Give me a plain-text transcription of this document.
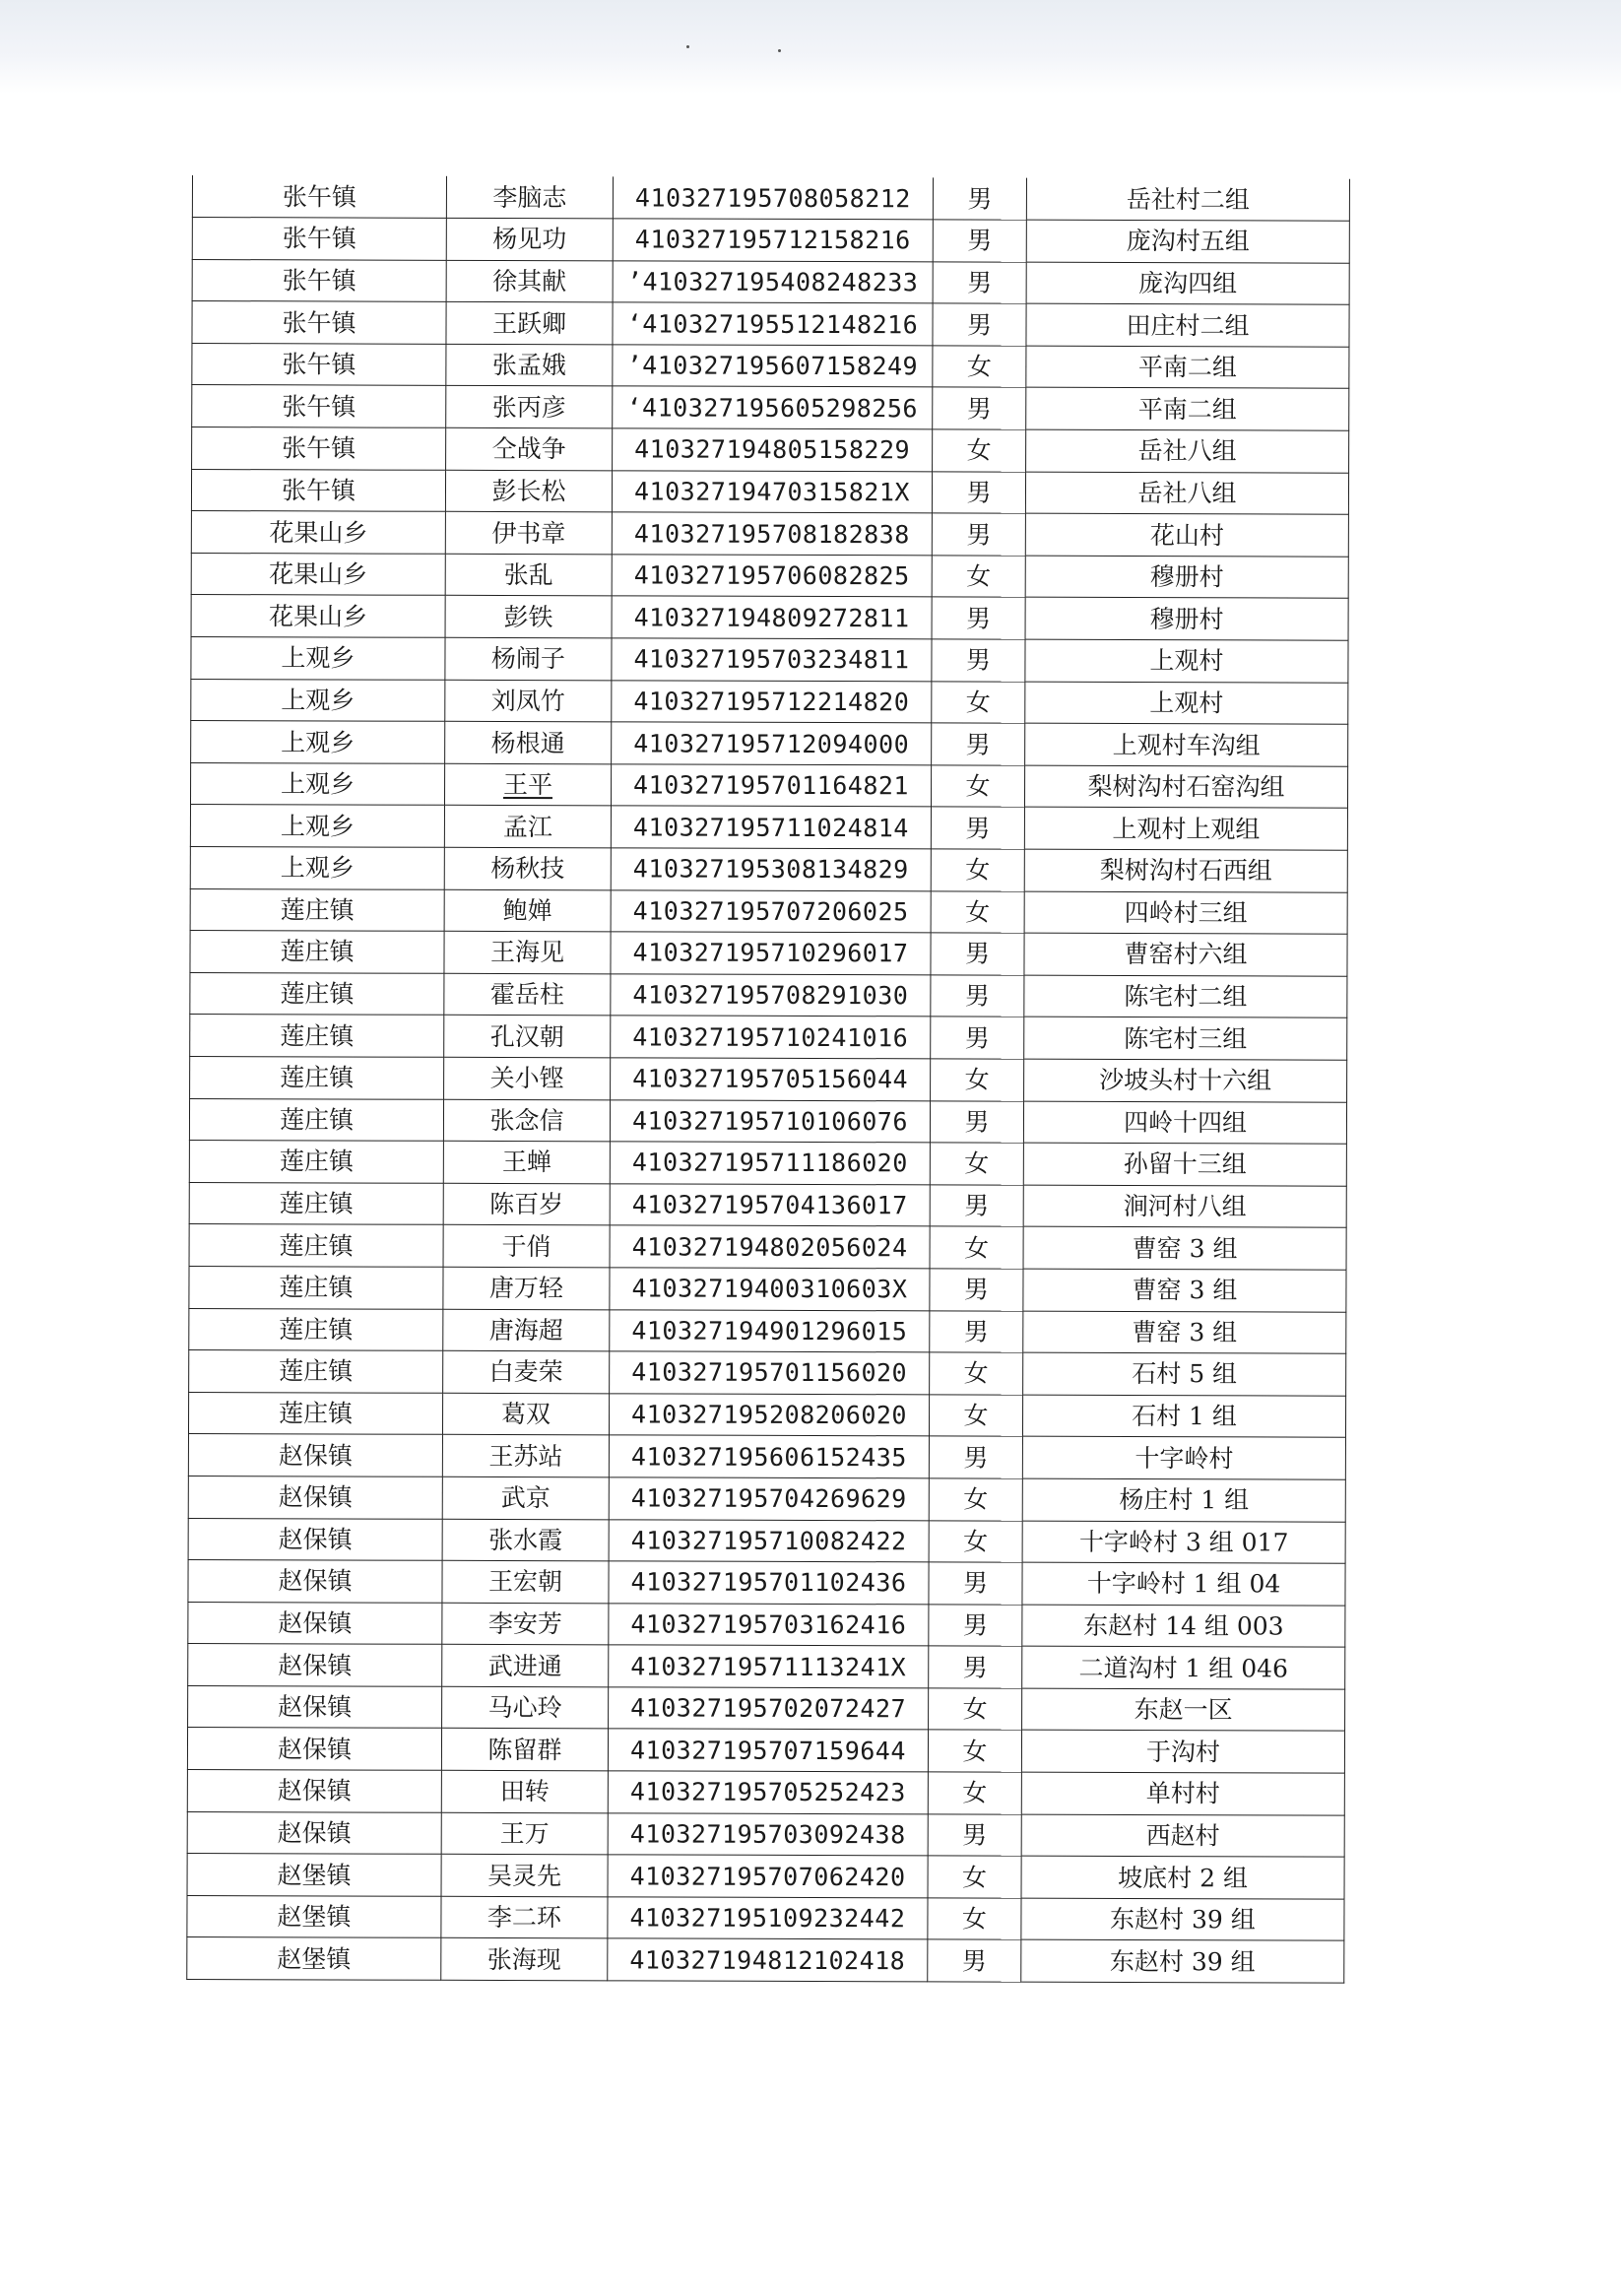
张午镇	李脑志	410327195708058212	男	岳社村二组
张午镇	杨见功	410327195712158216	男	庞沟村五组
张午镇	徐其献	’410327195408248233	男	庞沟四组
张午镇	王跃卿	‘410327195512148216	男	田庄村二组
张午镇	张孟娥	’410327195607158249	女	平南二组
张午镇	张丙彦	‘410327195605298256	男	平南二组
张午镇	仝战争	410327194805158229	女	岳社八组
张午镇	彭长松	41032719470315821X	男	岳社八组
花果山乡	伊书章	410327195708182838	男	花山村
花果山乡	张乱	410327195706082825	女	穆册村
花果山乡	彭铁	410327194809272811	男	穆册村
上观乡	杨闹子	410327195703234811	男	上观村
上观乡	刘凤竹	410327195712214820	女	上观村
上观乡	杨根通	410327195712094000	男	上观村车沟组
上观乡	王平	410327195701164821	女	梨树沟村石窑沟组
上观乡	孟江	410327195711024814	男	上观村上观组
上观乡	杨秋技	410327195308134829	女	梨树沟村石西组
莲庄镇	鲍婵	410327195707206025	女	四岭村三组
莲庄镇	王海见	410327195710296017	男	曹窑村六组
莲庄镇	霍岳柱	410327195708291030	男	陈宅村二组
莲庄镇	孔汉朝	410327195710241016	男	陈宅村三组
莲庄镇	关小铿	410327195705156044	女	沙坡头村十六组
莲庄镇	张念信	410327195710106076	男	四岭十四组
莲庄镇	王蝉	410327195711186020	女	孙留十三组
莲庄镇	陈百岁	410327195704136017	男	涧河村八组
莲庄镇	于俏	410327194802056024	女	曹窑 3 组
莲庄镇	唐万轻	41032719400310603X	男	曹窑 3 组
莲庄镇	唐海超	410327194901296015	男	曹窑 3 组
莲庄镇	白麦荣	410327195701156020	女	石村 5 组
莲庄镇	葛双	410327195208206020	女	石村 1 组
赵保镇	王苏站	410327195606152435	男	十字岭村
赵保镇	武京	410327195704269629	女	杨庄村 1 组
赵保镇	张水霞	410327195710082422	女	十字岭村 3 组 017
赵保镇	王宏朝	410327195701102436	男	十字岭村 1 组 04
赵保镇	李安芳	410327195703162416	男	东赵村 14 组 003
赵保镇	武进通	41032719571113241X	男	二道沟村 1 组 046
赵保镇	马心玲	410327195702072427	女	东赵一区
赵保镇	陈留群	410327195707159644	女	于沟村
赵保镇	田转	410327195705252423	女	单村村
赵保镇	王万	410327195703092438	男	西赵村
赵堡镇	吴灵先	410327195707062420	女	坡底村 2 组
赵堡镇	李二环	410327195109232442	女	东赵村 39 组
赵堡镇	张海现	410327194812102418	男	东赵村 39 组
